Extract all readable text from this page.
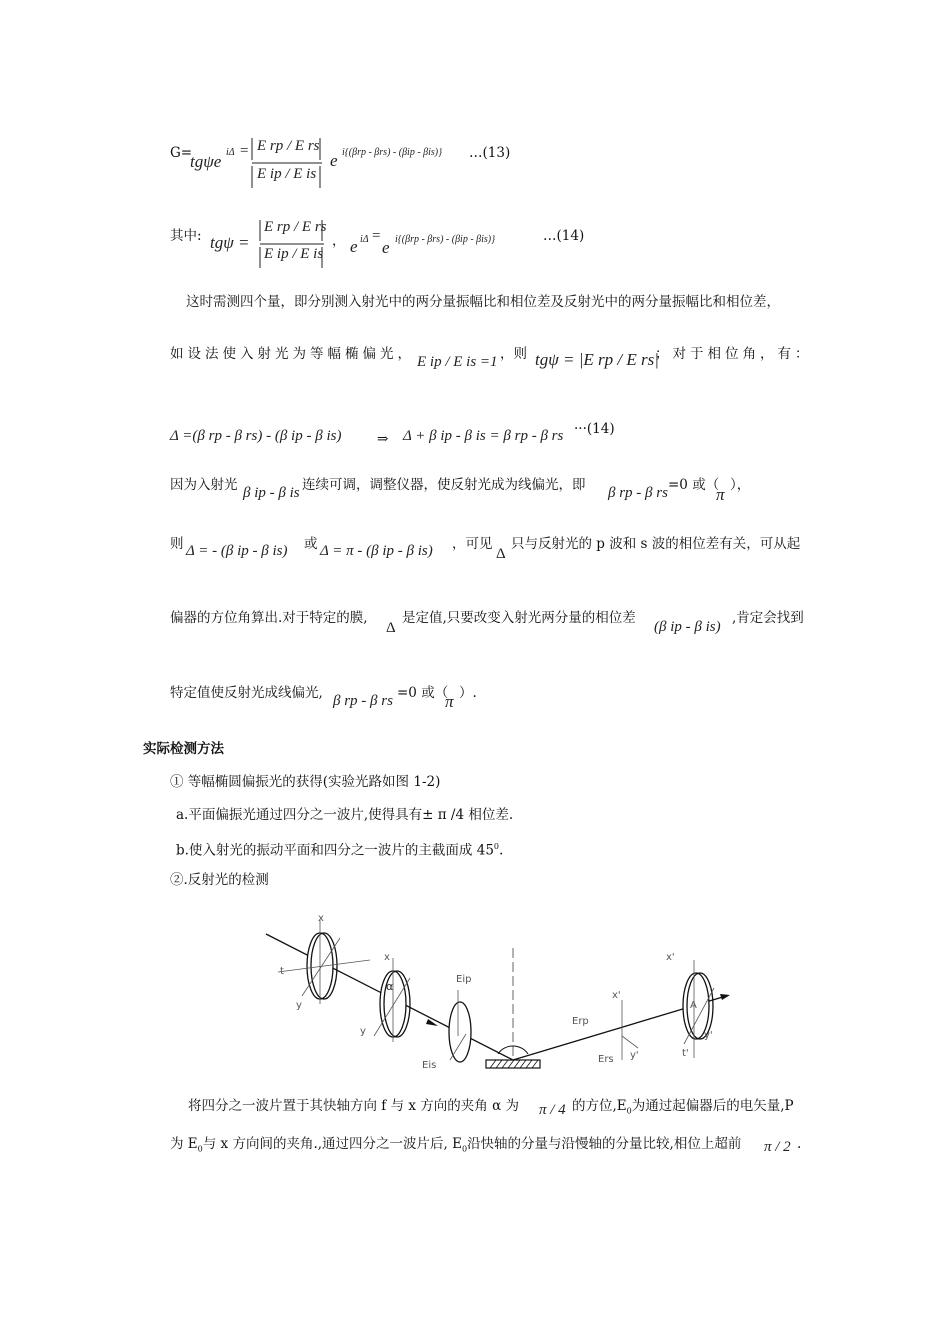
G=
tgψe iΔ = E rp / E rs
E ip / E is
e i{(βrp - βrs) - (βip - βis)} …(13)
其中: tgψ =
E rp / E rs
E ip / E is
， e iΔ =
e i{(βrp - βrs) - (βip - βis)}	…(14)
这时需测四个量，即分别测入射光中的两分量振幅比和相位差及反射光中的两分量振幅比和相位差，
如设法使入射光为等幅椭偏光， E ip / E is =1 ，则 tgψ = |E rp / E rs|
；对于相位角，有：
Δ =(β rp - β rs) - (β ip - β is)	⇒ Δ + β ip - β is = β rp - β rs ···(14)
因为入射光 β ip - β is 连续可调，调整仪器，使反射光成为线偏光，即 β rp - β rs =0 或（
π ），
则 Δ = - (β ip - β is) 或 Δ = π - (β ip - β is) ，可见
Δ
只与反射光的 p 波和 s 波的相位差有关，可从起
偏器的方位角算出.对于特定的膜,
Δ
是定值,只要改变入射光两分量的相位差
(β ip - β is)
,肯定会找到
特定值使反射光成线偏光, β rp - β rs =0 或（
π ）.
实际检测方法
① 等幅椭圆偏振光的获得(实验光路如图 1-2)
a.平面偏振光通过四分之一波片,使得具有± π /4 相位差.
b.使入射光的振动平面和四分之一波片的主截面成 $45^0$.
②.反射光的检测
x
t
y
x
y
α
Eip
Eis
x'
Erp
Ers y'
x'
y'
t'
A
将四分之一波片置于其快轴方向 f 与 x 方向的夹角 α 为 π / 4 的方位$,E_0$为通过起偏器后的电矢量,P
为 $E_0$与 x 方向间的夹角.,通过四分之一波片后, $E_0$沿快轴的分量与沿慢轴的分量比较,相位上超前 π / 2 .
